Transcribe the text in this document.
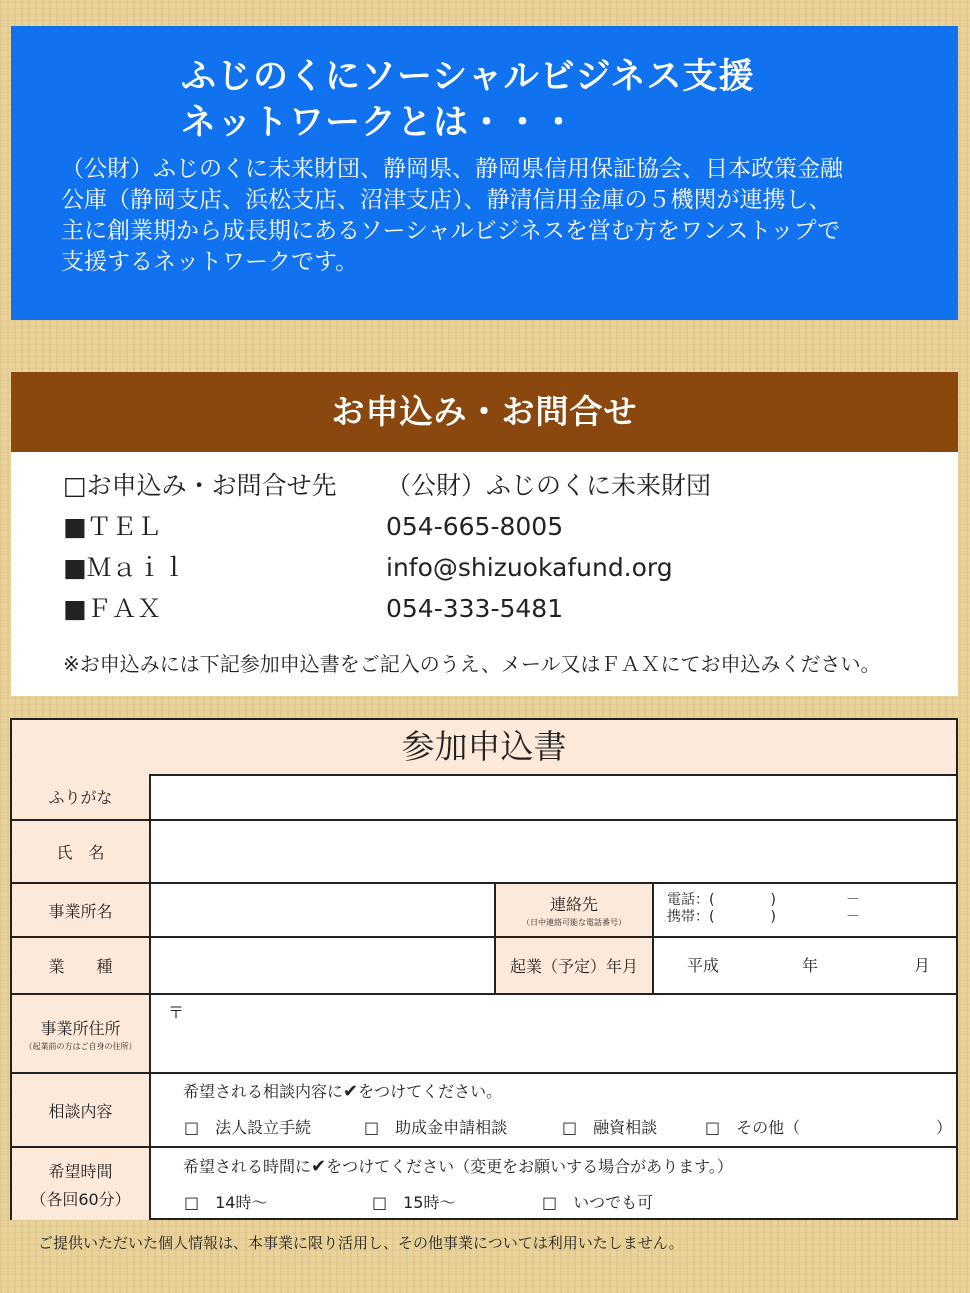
ふじのくにソーシャルビジネス支援
ネットワークとは・・・
（公財）ふじのくに未来財団、静岡県、静岡県信用保証協会、日本政策金融
公庫（静岡支店、浜松支店、沼津支店）、静清信用金庫の５機関が連携し、
主に創業期から成長期にあるソーシャルビジネスを営む方をワンストップで
支援するネットワークです。
お申込み・お問合せ
□お申込み・お問合せ先 （公財）ふじのくに未来財団
■ＴＥＬ	054-665-8005
■Ｍａｉｌ	info@shizuokafund.org
■ＦＡＸ	054-333-5481
※お申込みには下記参加申込書をご記入のうえ、メール又はＦＡＸにてお申込みください。
参加申込書
ふりがな
氏　名
事業所名	連絡先
（日中連絡可能な電話番号）
電話：(　　　　)　　　　　－
携帯：(　　　　)　　　　　－
業　　種	起業（予定）年月	平成	年	月
事業所住所
（起業前の方はご自身の住所）
〒
相談内容
希望される相談内容に✔をつけてください。
□　法人設立手続	□　助成金申請相談	□　融資相談	□　その他（	）
希望時間
（各回60分）
希望される時間に✔をつけてください（変更をお願いする場合があります。）
□　14時～	□　15時～	□　いつでも可
ご提供いただいた個人情報は、本事業に限り活用し、その他事業については利用いたしません。
